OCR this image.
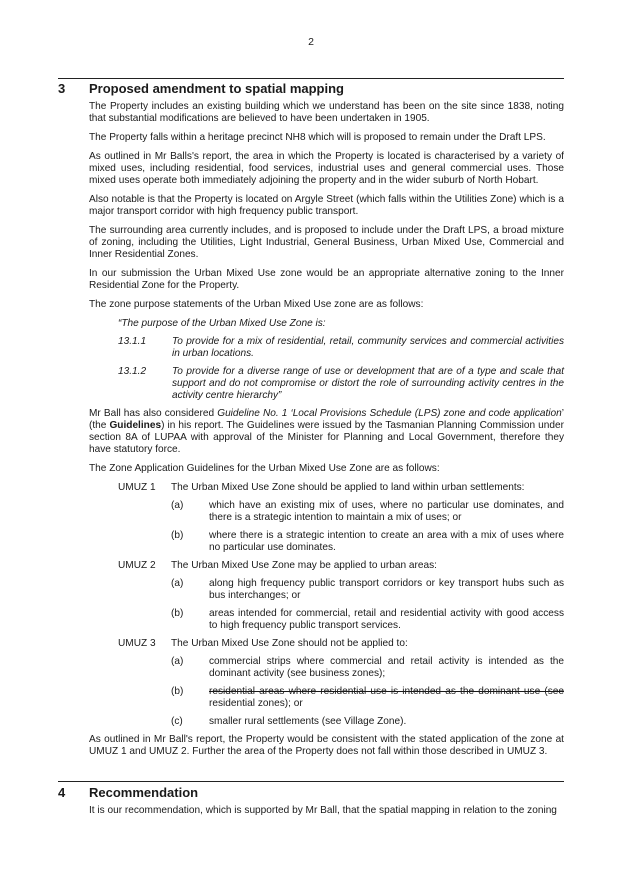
2
3 Proposed amendment to spatial mapping

The Property includes an existing building which we understand has been on the site since 1838, noting that substantial modifications are believed to have been undertaken in 1905.

The Property falls within a heritage precinct NH8 which will is proposed to remain under the Draft LPS.

As outlined in Mr Balls's report, the area in which the Property is located is characterised by a variety of mixed uses, including residential, food services, industrial uses and general commercial uses. Those mixed uses operate both immediately adjoining the property and in the wider suburb of North Hobart.

Also notable is that the Property is located on Argyle Street (which falls within the Utilities Zone) which is a major transport corridor with high frequency public transport.

The surrounding area currently includes, and is proposed to include under the Draft LPS, a broad mixture of zoning, including the Utilities, Light Industrial, General Business, Urban Mixed Use, Commercial and Inner Residential Zones.

In our submission the Urban Mixed Use zone would be an appropriate alternative zoning to the Inner Residential Zone for the Property.

The zone purpose statements of the Urban Mixed Use zone are as follows:

“The purpose of the Urban Mixed Use Zone is:
13.1.1	To provide for a mix of residential, retail, community services and commercial activities in urban locations.
13.1.2	To provide for a diverse range of use or development that are of a type and scale that support and do not compromise or distort the role of surrounding activity centres in the activity centre hierarchy”

Mr Ball has also considered Guideline No. 1 ‘Local Provisions Schedule (LPS) zone and code application’ (the Guidelines) in his report. The Guidelines were issued by the Tasmanian Planning Commission under section 8A of LUPAA with approval of the Minister for Planning and Local Government, therefore they have statutory force.

The Zone Application Guidelines for the Urban Mixed Use Zone are as follows:

UMUZ 1	The Urban Mixed Use Zone should be applied to land within urban settlements:
(a)	which have an existing mix of uses, where no particular use dominates, and there is a strategic intention to maintain a mix of uses; or
(b)	where there is a strategic intention to create an area with a mix of uses where no particular use dominates.
UMUZ 2	The Urban Mixed Use Zone may be applied to urban areas:
(a)	along high frequency public transport corridors or key transport hubs such as bus interchanges; or
(b)	areas intended for commercial, retail and residential activity with good access to high frequency public transport services.
UMUZ 3	The Urban Mixed Use Zone should not be applied to:
(a)	commercial strips where commercial and retail activity is intended as the dominant activity (see business zones);
(b)	residential areas where residential use is intended as the dominant use (see residential zones); or
(c)	smaller rural settlements (see Village Zone).

As outlined in Mr Ball's report, the Property would be consistent with the stated application of the zone at UMUZ 1 and UMUZ 2. Further the area of the Property does not fall within those described in UMUZ 3.

4 Recommendation

It is our recommendation, which is supported by Mr Ball, that the spatial mapping in relation to the zoning
